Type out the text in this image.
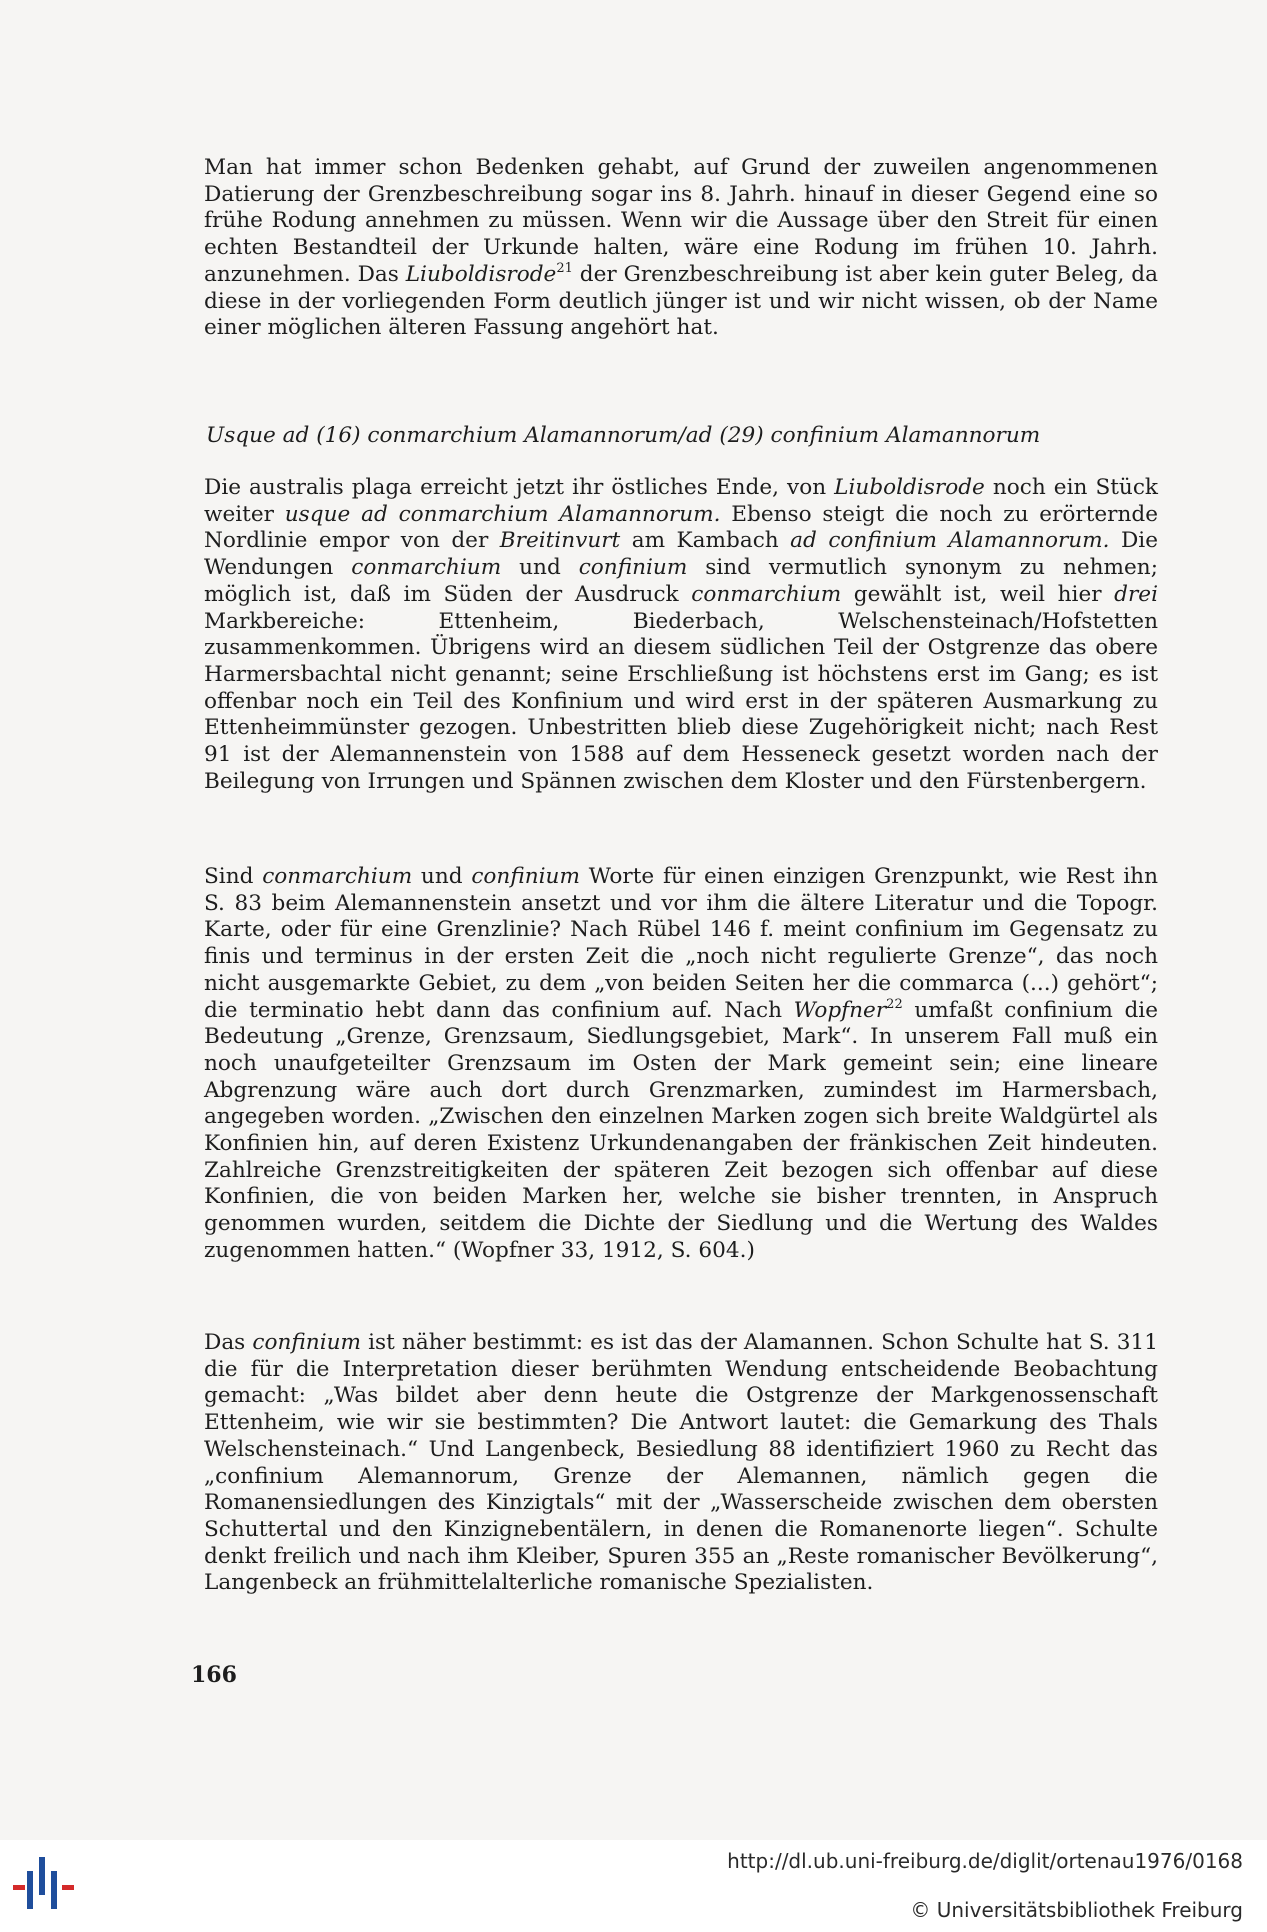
Man hat immer schon Bedenken gehabt, auf Grund der zuweilen angenommenen Datierung der Grenzbeschreibung sogar ins 8. Jahrh. hinauf in dieser Gegend eine so frühe Rodung annehmen zu müssen. Wenn wir die Aussage über den Streit für einen echten Bestandteil der Urkunde halten, wäre eine Rodung im frühen 10. Jahrh. anzunehmen. Das Liuboldisrode$^{21}$ der Grenzbeschreibung ist aber kein guter Beleg, da diese in der vorliegenden Form deutlich jünger ist und wir nicht wissen, ob der Name einer möglichen älteren Fassung angehört hat.

Usque ad (16) conmarchium Alamannorum/ad (29) confinium Alamannorum

Die australis plaga erreicht jetzt ihr östliches Ende, von Liuboldisrode noch ein Stück weiter usque ad conmarchium Alamannorum. Ebenso steigt die noch zu erörternde Nordlinie empor von der Breitinvurt am Kambach ad confinium Alamannorum. Die Wendungen conmarchium und confinium sind vermutlich synonym zu nehmen; möglich ist, daß im Süden der Ausdruck conmarchium gewählt ist, weil hier drei Markbereiche: Ettenheim, Biederbach, Welschensteinach/Hofstetten zusammenkommen. Übrigens wird an diesem südlichen Teil der Ostgrenze das obere Harmersbachtal nicht genannt; seine Erschließung ist höchstens erst im Gang; es ist offenbar noch ein Teil des Konfinium und wird erst in der späteren Ausmarkung zu Ettenheimmünster gezogen. Unbestritten blieb diese Zugehörigkeit nicht; nach Rest 91 ist der Alemannenstein von 1588 auf dem Hesseneck gesetzt worden nach der Beilegung von Irrungen und Spännen zwischen dem Kloster und den Fürstenbergern.

Sind conmarchium und confinium Worte für einen einzigen Grenzpunkt, wie Rest ihn S. 83 beim Alemannenstein ansetzt und vor ihm die ältere Literatur und die Topogr. Karte, oder für eine Grenzlinie? Nach Rübel 146 f. meint confinium im Gegensatz zu finis und terminus in der ersten Zeit die „noch nicht regulierte Grenze“, das noch nicht ausgemarkte Gebiet, zu dem „von beiden Seiten her die commarca (...) gehört“; die terminatio hebt dann das confinium auf. Nach Wopfner$^{22}$ umfaßt confinium die Bedeutung „Grenze, Grenzsaum, Siedlungsgebiet, Mark“. In unserem Fall muß ein noch unaufgeteilter Grenzsaum im Osten der Mark gemeint sein; eine lineare Abgrenzung wäre auch dort durch Grenzmarken, zumindest im Harmersbach, angegeben worden. „Zwischen den einzelnen Marken zogen sich breite Waldgürtel als Konfinien hin, auf deren Existenz Urkundenangaben der fränkischen Zeit hindeuten. Zahlreiche Grenzstreitigkeiten der späteren Zeit bezogen sich offenbar auf diese Konfinien, die von beiden Marken her, welche sie bisher trennten, in Anspruch genommen wurden, seitdem die Dichte der Siedlung und die Wertung des Waldes zugenommen hatten.“ (Wopfner 33, 1912, S. 604.)

Das confinium ist näher bestimmt: es ist das der Alamannen. Schon Schulte hat S. 311 die für die Interpretation dieser berühmten Wendung entscheidende Beobachtung gemacht: „Was bildet aber denn heute die Ostgrenze der Markgenossenschaft Ettenheim, wie wir sie bestimmten? Die Antwort lautet: die Gemarkung des Thals Welschensteinach.“ Und Langenbeck, Besiedlung 88 identifiziert 1960 zu Recht das „confinium Alemannorum, Grenze der Alemannen, nämlich gegen die Romanensiedlungen des Kinzigtals“ mit der „Wasserscheide zwischen dem obersten Schuttertal und den Kinzignebentälern, in denen die Romanenorte liegen“. Schulte denkt freilich und nach ihm Kleiber, Spuren 355 an „Reste romanischer Bevölkerung“, Langenbeck an frühmittelalterliche romanische Spezialisten.

166
http://dl.ub.uni-freiburg.de/diglit/ortenau1976/0168
© Universitätsbibliothek Freiburg
